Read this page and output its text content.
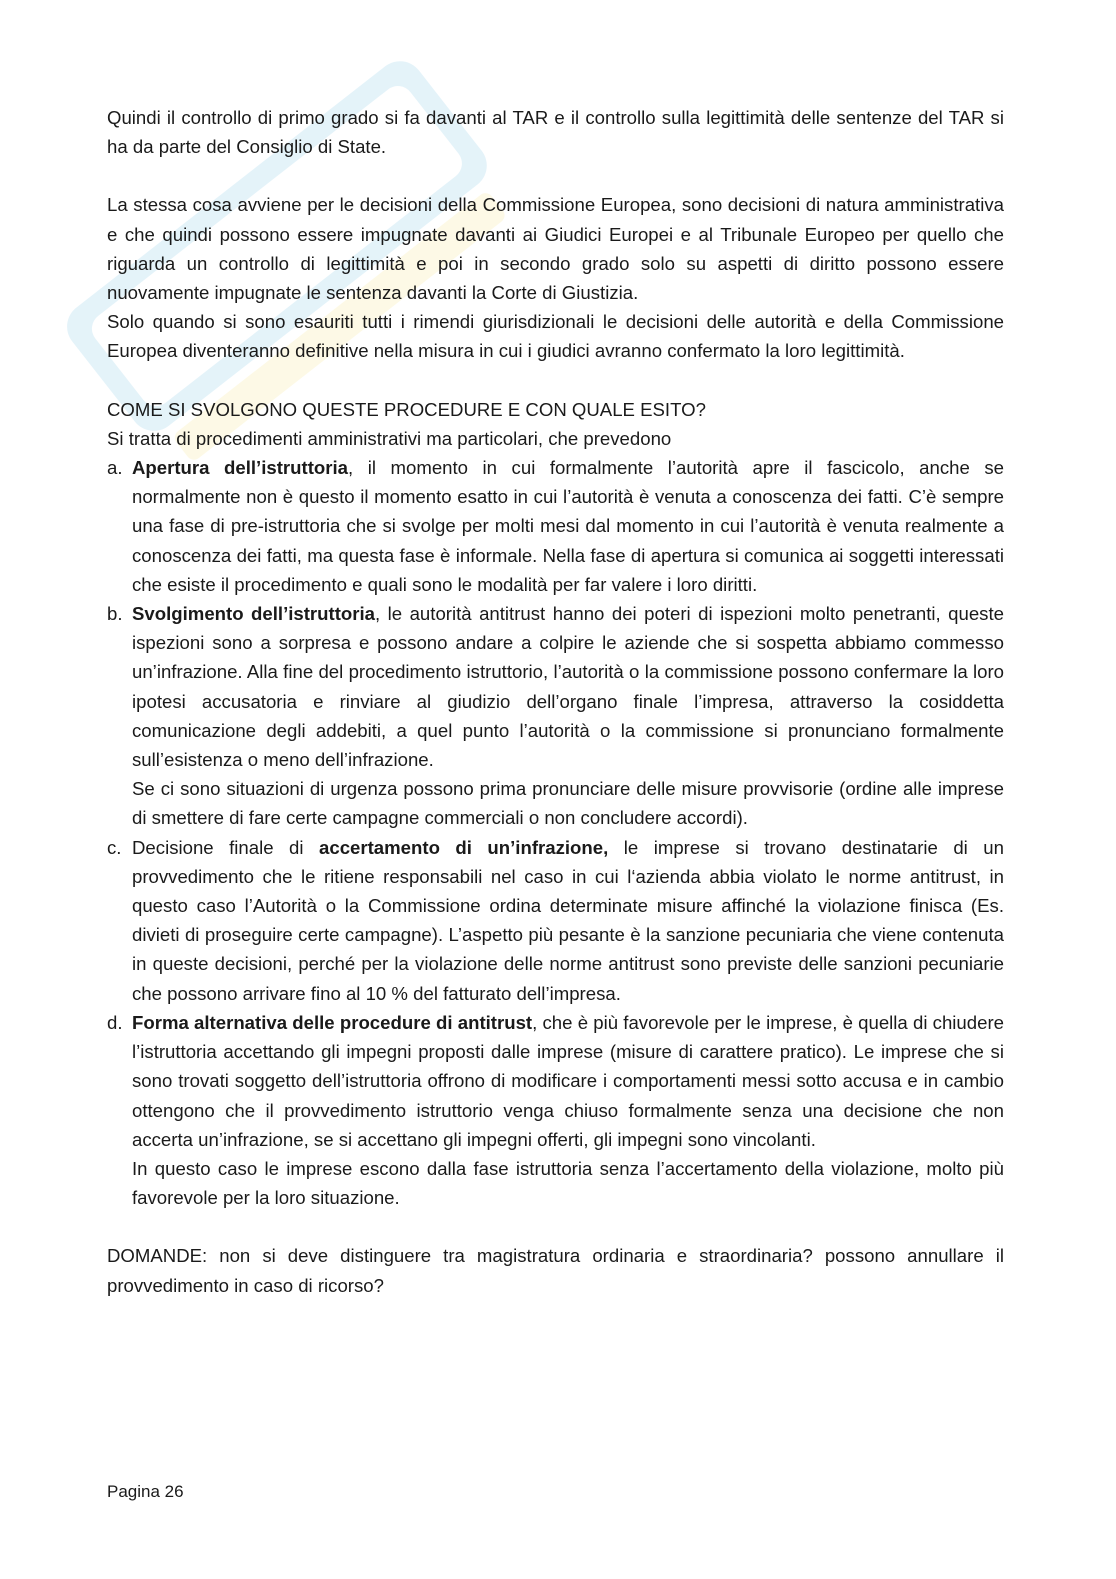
Quindi il controllo di primo grado si fa davanti al TAR e il controllo sulla legittimità delle sentenze del TAR si ha da parte del Consiglio di State.

La stessa cosa avviene per le decisioni della Commissione Europea, sono decisioni di natura amministrativa e che quindi possono essere impugnate davanti ai Giudici Europei e al Tribunale Europeo per quello che riguarda un controllo di legittimità e poi in secondo grado solo su aspetti di diritto possono essere nuovamente impugnate le sentenza davanti la Corte di Giustizia.

Solo quando si sono esauriti tutti i rimendi giurisdizionali le decisioni delle autorità e della Commissione Europea diventeranno definitive nella misura in cui i giudici avranno confermato la loro legittimità.

COME SI SVOLGONO QUESTE PROCEDURE E CON QUALE ESITO?

Si tratta di procedimenti amministrativi ma particolari, che prevedono

a. Apertura dell’istruttoria, il momento in cui formalmente l’autorità apre il fascicolo, anche se normalmente non è questo il momento esatto in cui l’autorità è venuta a conoscenza dei fatti. C’è sempre una fase di pre-istruttoria che si svolge per molti mesi dal momento in cui l’autorità è venuta realmente a conoscenza dei fatti, ma questa fase è informale. Nella fase di apertura si comunica ai soggetti interessati che esiste il procedimento e quali sono le modalità per far valere i loro diritti.

b. Svolgimento dell’istruttoria, le autorità antitrust hanno dei poteri di ispezioni molto penetranti, queste ispezioni sono a sorpresa e possono andare a colpire le aziende che si sospetta abbiamo commesso un’infrazione. Alla fine del procedimento istruttorio, l’autorità o la commissione possono confermare la loro ipotesi accusatoria e rinviare al giudizio dell’organo finale l’impresa, attraverso la cosiddetta comunicazione degli addebiti, a quel punto l’autorità o la commissione si pronunciano formalmente sull’esistenza o meno dell’infrazione.

Se ci sono situazioni di urgenza possono prima pronunciare delle misure provvisorie (ordine alle imprese di smettere di fare certe campagne commerciali o non concludere accordi).

c. Decisione finale di accertamento di un’infrazione, le imprese si trovano destinatarie di un provvedimento che le ritiene responsabili nel caso in cui l‘azienda abbia violato le norme antitrust, in questo caso l’Autorità o la Commissione ordina determinate misure affinché la violazione finisca (Es. divieti di proseguire certe campagne). L’aspetto più pesante è la sanzione pecuniaria che viene contenuta in queste decisioni, perché per la violazione delle norme antitrust sono previste delle sanzioni pecuniarie che possono arrivare fino al 10 % del fatturato dell’impresa.

d. Forma alternativa delle procedure di antitrust, che è più favorevole per le imprese, è quella di chiudere l’istruttoria accettando gli impegni proposti dalle imprese (misure di carattere pratico). Le imprese che si sono trovati soggetto dell’istruttoria offrono di modificare i comportamenti messi sotto accusa e in cambio ottengono che il provvedimento istruttorio venga chiuso formalmente senza una decisione che non accerta un’infrazione, se si accettano gli impegni offerti, gli impegni sono vincolanti.

In questo caso le imprese escono dalla fase istruttoria senza l’accertamento della violazione, molto più favorevole per la loro situazione.

DOMANDE: non si deve distinguere tra magistratura ordinaria e straordinaria? possono annullare il provvedimento in caso di ricorso?

Pagina 26
